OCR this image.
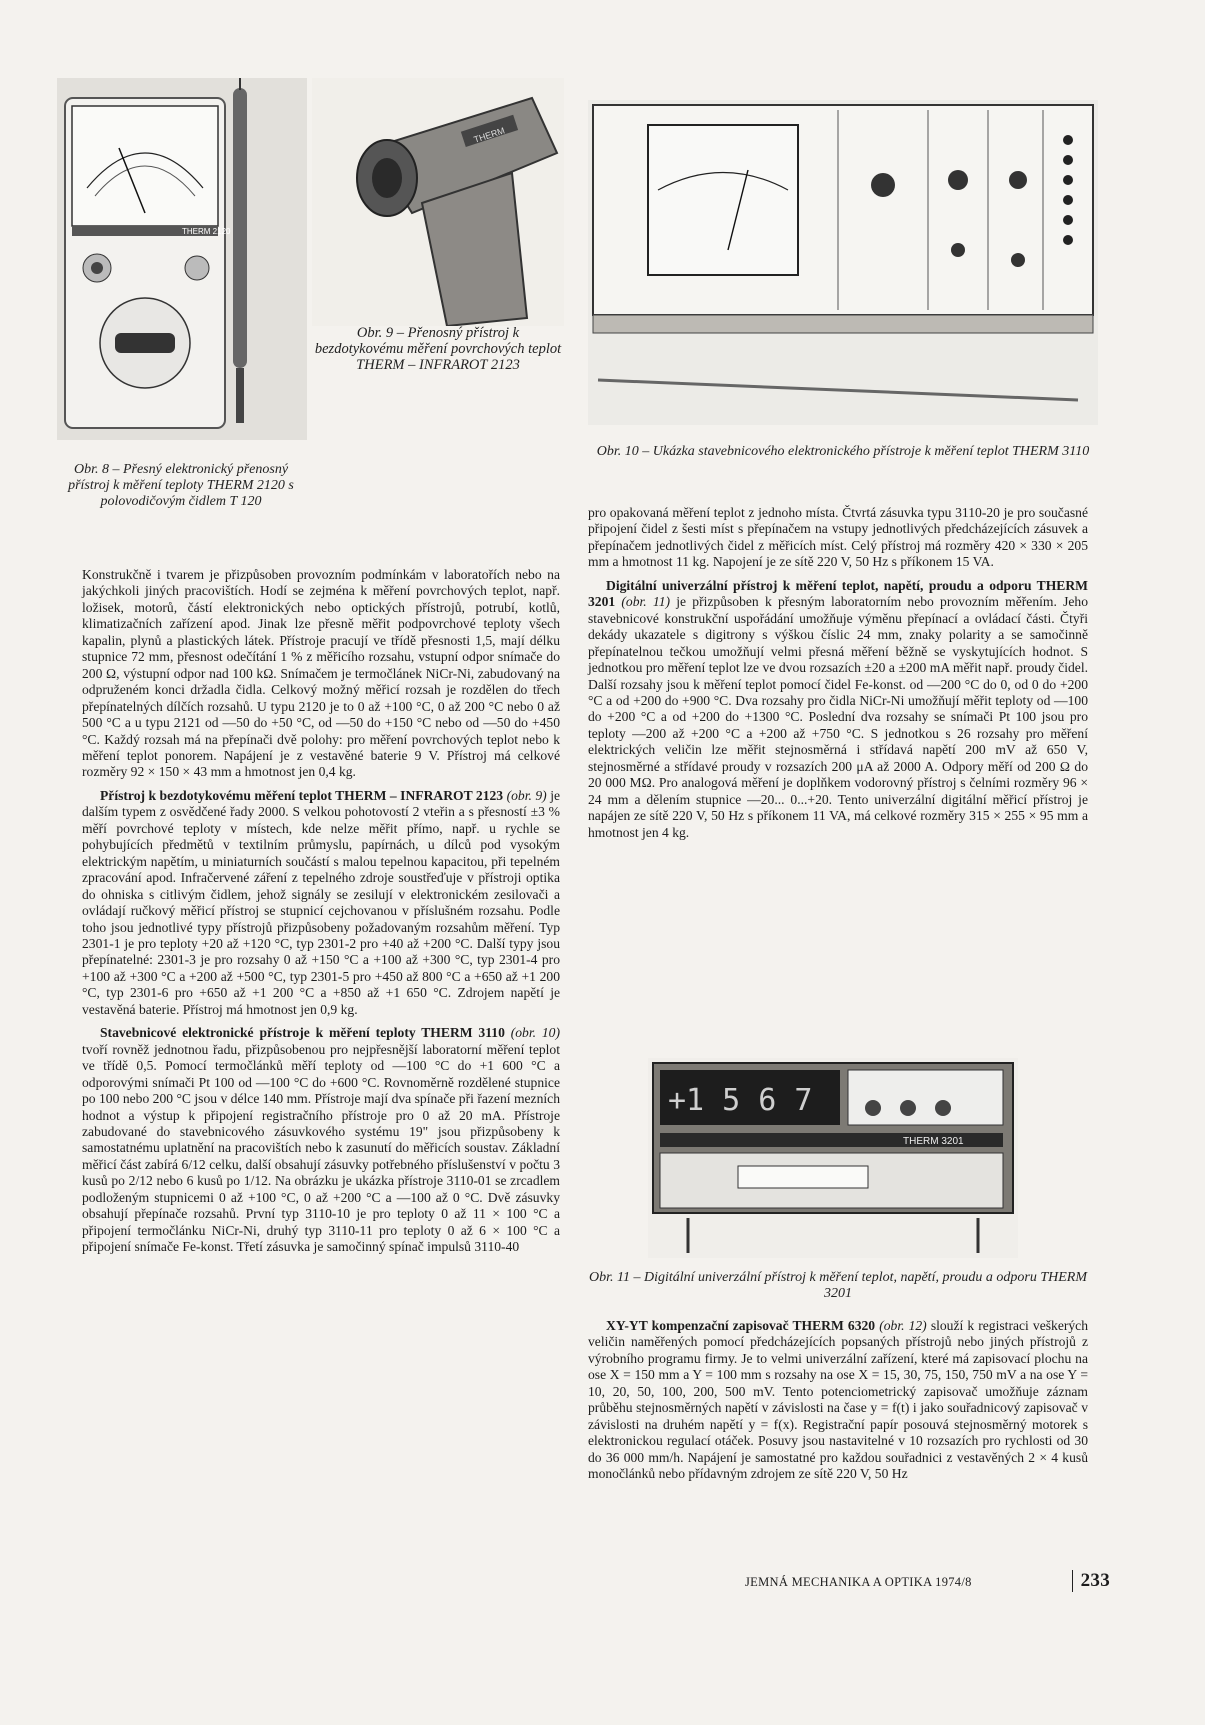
THERM 2120
Obr. 8 – Přesný elektronický přenosný přístroj k měření teploty THERM 2120 s polovodičovým čidlem T 120
THERM
Obr. 9 – Přenosný přístroj k bezdotykovému měření povrchových teplot THERM – INFRAROT 2123
Obr. 10 – Ukázka stavebnicového elektronického přístroje k měření teplot THERM 3110

Konstrukčně i tvarem je přizpůsoben provozním podmínkám v laboratořích nebo na jakýchkoli jiných pracovištích. Hodí se zejména k měření povrchových teplot, např. ložisek, motorů, částí elektronických nebo optických přístrojů, potrubí, kotlů, klimatizačních zařízení apod. Jinak lze přesně měřit podpovrchové teploty všech kapalin, plynů a plastických látek. Přístroje pracují ve třídě přesnosti 1,5, mají délku stupnice 72 mm, přesnost odečítání 1 % z měřicího rozsahu, vstupní odpor snímače do 200 Ω, výstupní odpor nad 100 kΩ. Snímačem je termočlánek NiCr-Ni, zabudovaný na odpruženém konci držadla čidla. Celkový možný měřicí rozsah je rozdělen do třech přepínatelných dílčích rozsahů. U typu 2120 je to 0 až +100 °C, 0 až 200 °C nebo 0 až 500 °C a u typu 2121 od —50 do +50 °C, od —50 do +150 °C nebo od —50 do +450 °C. Každý rozsah má na přepínači dvě polohy: pro měření povrchových teplot nebo k měření teplot ponorem. Napájení je z vestavěné baterie 9 V. Přístroj má celkové rozměry 92 × 150 × 43 mm a hmotnost jen 0,4 kg.

Přístroj k bezdotykovému měření teplot THERM – INFRAROT 2123 (obr. 9) je dalším typem z osvědčené řady 2000. S velkou pohotovostí 2 vteřin a s přesností ±3 % měří povrchové teploty v místech, kde nelze měřit přímo, např. u rychle se pohybujících předmětů v textilním průmyslu, papírnách, u dílců pod vysokým elektrickým napětím, u miniaturních součástí s malou tepelnou kapacitou, při tepelném zpracování apod. Infračervené záření z tepelného zdroje soustřeďuje v přístroji optika do ohniska s citlivým čidlem, jehož signály se zesilují v elektronickém zesilovači a ovládají ručkový měřicí přístroj se stupnicí cejchovanou v příslušném rozsahu. Podle toho jsou jednotlivé typy přístrojů přizpůsobeny požadovaným rozsahům měření. Typ 2301-1 je pro teploty +20 až +120 °C, typ 2301-2 pro +40 až +200 °C. Další typy jsou přepínatelné: 2301-3 je pro rozsahy 0 až +150 °C a +100 až +300 °C, typ 2301-4 pro +100 až +300 °C a +200 až +500 °C, typ 2301-5 pro +450 až 800 °C a +650 až +1 200 °C, typ 2301-6 pro +650 až +1 200 °C a +850 až +1 650 °C. Zdrojem napětí je vestavěná baterie. Přístroj má hmotnost jen 0,9 kg.

Stavebnicové elektronické přístroje k měření teploty THERM 3110 (obr. 10) tvoří rovněž jednotnou řadu, přizpůsobenou pro nejpřesnější laboratorní měření teplot ve třídě 0,5. Pomocí termočlánků měří teploty od —100 °C do +1 600 °C a odporovými snímači Pt 100 od —100 °C do +600 °C. Rovnoměrně rozdělené stupnice po 100 nebo 200 °C jsou v délce 140 mm. Přístroje mají dva spínače při řazení mezních hodnot a výstup k připojení registračního přístroje pro 0 až 20 mA. Přístroje zabudované do stavebnicového zásuvkového systému 19" jsou přizpůsobeny k samostatnému uplatnění na pracovištích nebo k zasunutí do měřicích soustav. Základní měřicí část zabírá 6/12 celku, další obsahují zásuvky potřebného příslušenství v počtu 3 kusů po 2/12 nebo 6 kusů po 1/12. Na obrázku je ukázka přístroje 3110-01 se zrcadlem podloženým stupnicemi 0 až +100 °C, 0 až +200 °C a —100 až 0 °C. Dvě zásuvky obsahují přepínače rozsahů. První typ 3110-10 je pro teploty 0 až 11 × 100 °C a připojení termočlánku NiCr-Ni, druhý typ 3110-11 pro teploty 0 až 6 × 100 °C a připojení snímače Fe-konst. Třetí zásuvka je samočinný spínač impulsů 3110-40

pro opakovaná měření teplot z jednoho místa. Čtvrtá zásuvka typu 3110-20 je pro současné připojení čidel z šesti míst s přepínačem na vstupy jednotlivých předcházejících zásuvek a přepínačem jednotlivých čidel z měřicích míst. Celý přístroj má rozměry 420 × 330 × 205 mm a hmotnost 11 kg. Napojení je ze sítě 220 V, 50 Hz s příkonem 15 VA.

Digitální univerzální přístroj k měření teplot, napětí, proudu a odporu THERM 3201 (obr. 11) je přizpůsoben k přesným laboratorním nebo provozním měřením. Jeho stavebnicové konstrukční uspořádání umožňuje výměnu přepínací a ovládací části. Čtyři dekády ukazatele s digitrony s výškou číslic 24 mm, znaky polarity a se samočinně přepínatelnou tečkou umožňují velmi přesná měření běžně se vyskytujících hodnot. S jednotkou pro měření teplot lze ve dvou rozsazích ±20 a ±200 mA měřit např. proudy čidel. Další rozsahy jsou k měření teplot pomocí čidel Fe-konst. od —200 °C do 0, od 0 do +200 °C a od +200 do +900 °C. Dva rozsahy pro čidla NiCr-Ni umožňují měřit teploty od —100 do +200 °C a od +200 do +1300 °C. Poslední dva rozsahy se snímači Pt 100 jsou pro teploty —200 až +200 °C a +200 až +750 °C. S jednotkou s 26 rozsahy pro měření elektrických veličin lze měřit stejnosměrná i střídavá napětí 200 mV až 650 V, stejnosměrné a střídavé proudy v rozsazích 200 μA až 2000 A. Odpory měří od 200 Ω do 20 000 MΩ. Pro analogová měření je doplňkem vodorovný přístroj s čelními rozměry 96 × 24 mm a dělením stupnice —20... 0...+20. Tento univerzální digitální měřicí přístroj je napájen ze sítě 220 V, 50 Hz s příkonem 11 VA, má celkové rozměry 315 × 255 × 95 mm a hmotnost jen 4 kg.

+1 5 6 7
THERM 3201
Obr. 11 – Digitální univerzální přístroj k měření teplot, napětí, proudu a odporu THERM 3201

XY-YT kompenzační zapisovač THERM 6320 (obr. 12) slouží k registraci veškerých veličin naměřených pomocí předcházejících popsaných přístrojů nebo jiných přístrojů z výrobního programu firmy. Je to velmi univerzální zařízení, které má zapisovací plochu na ose X = 150 mm a Y = 100 mm s rozsahy na ose X = 15, 30, 75, 150, 750 mV a na ose Y = 10, 20, 50, 100, 200, 500 mV. Tento potenciometrický zapisovač umožňuje záznam průběhu stejnosměrných napětí v závislosti na čase y = f(t) i jako souřadnicový zapisovač v závislosti na druhém napětí y = f(x). Registrační papír posouvá stejnosměrný motorek s elektronickou regulací otáček. Posuvy jsou nastavitelné v 10 rozsazích pro rychlosti od 30 do 36 000 mm/h. Napájení je samostatné pro každou souřadnici z vestavěných 2 × 4 kusů monočlánků nebo přídavným zdrojem ze sítě 220 V, 50 Hz

JEMNÁ MECHANIKA A OPTIKA 1974/8	233
